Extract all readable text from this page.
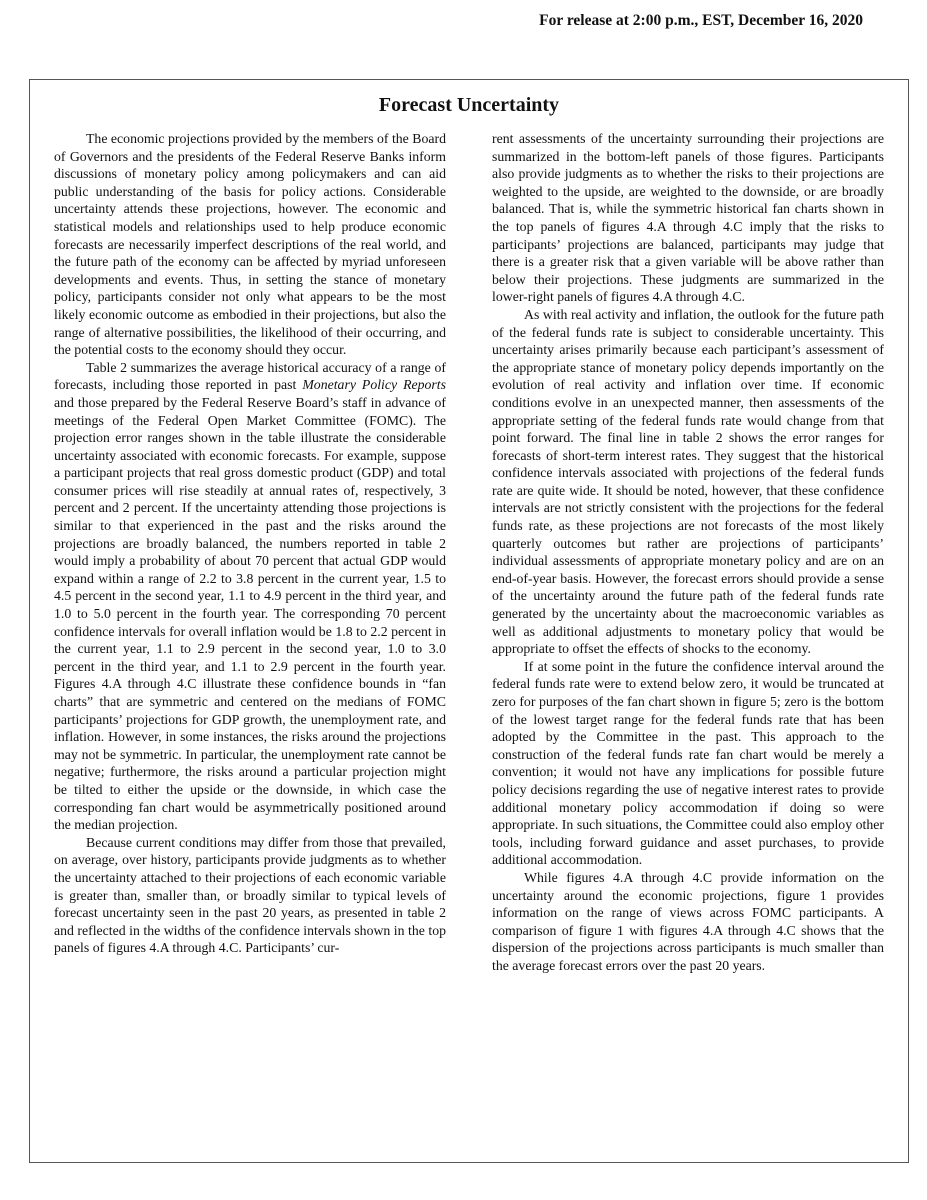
For release at 2:00 p.m., EST, December 16, 2020
Forecast Uncertainty

The economic projections provided by the members of the Board of Governors and the presidents of the Federal Reserve Banks inform discussions of monetary policy among policymakers and can aid public understanding of the basis for policy actions. Considerable uncertainty attends these projections, however. The economic and statistical models and relationships used to help produce economic forecasts are necessarily imperfect descriptions of the real world, and the future path of the economy can be affected by myriad unforeseen developments and events. Thus, in setting the stance of monetary policy, participants consider not only what appears to be the most likely economic outcome as embodied in their projections, but also the range of alternative possibilities, the likelihood of their occurring, and the potential costs to the economy should they occur.

Table 2 summarizes the average historical accuracy of a range of forecasts, including those reported in past Monetary Policy Reports and those prepared by the Federal Reserve Board’s staff in advance of meetings of the Federal Open Market Committee (FOMC). The projection error ranges shown in the table illustrate the considerable uncertainty associated with economic forecasts. For example, suppose a participant projects that real gross domestic product (GDP) and total consumer prices will rise steadily at annual rates of, respectively, 3 percent and 2 percent. If the uncertainty attending those projections is similar to that experienced in the past and the risks around the projections are broadly balanced, the numbers reported in table 2 would imply a probability of about 70 percent that actual GDP would expand within a range of 2.2 to 3.8 percent in the current year, 1.5 to 4.5 percent in the second year, 1.1 to 4.9 percent in the third year, and 1.0 to 5.0 percent in the fourth year. The corresponding 70 percent confidence intervals for overall inflation would be 1.8 to 2.2 percent in the current year, 1.1 to 2.9 percent in the second year, 1.0 to 3.0 percent in the third year, and 1.1 to 2.9 percent in the fourth year. Figures 4.A through 4.C illustrate these confidence bounds in “fan charts” that are symmetric and centered on the medians of FOMC participants’ projections for GDP growth, the unemployment rate, and inflation. However, in some instances, the risks around the projections may not be symmetric. In particular, the unemployment rate cannot be negative; furthermore, the risks around a particular projection might be tilted to either the upside or the downside, in which case the corresponding fan chart would be asymmetrically positioned around the median projection.

Because current conditions may differ from those that prevailed, on average, over history, participants provide judgments as to whether the uncertainty attached to their projections of each economic variable is greater than, smaller than, or broadly similar to typical levels of forecast uncertainty seen in the past 20 years, as presented in table 2 and reflected in the widths of the confidence intervals shown in the top panels of figures 4.A through 4.C. Participants’ cur-

rent assessments of the uncertainty surrounding their projections are summarized in the bottom-left panels of those figures. Participants also provide judgments as to whether the risks to their projections are weighted to the upside, are weighted to the downside, or are broadly balanced. That is, while the symmetric historical fan charts shown in the top panels of figures 4.A through 4.C imply that the risks to participants’ projections are balanced, participants may judge that there is a greater risk that a given variable will be above rather than below their projections. These judgments are summarized in the lower-right panels of figures 4.A through 4.C.

As with real activity and inflation, the outlook for the future path of the federal funds rate is subject to considerable uncertainty. This uncertainty arises primarily because each participant’s assessment of the appropriate stance of monetary policy depends importantly on the evolution of real activity and inflation over time. If economic conditions evolve in an unexpected manner, then assessments of the appropriate setting of the federal funds rate would change from that point forward. The final line in table 2 shows the error ranges for forecasts of short-term interest rates. They suggest that the historical confidence intervals associated with projections of the federal funds rate are quite wide. It should be noted, however, that these confidence intervals are not strictly consistent with the projections for the federal funds rate, as these projections are not forecasts of the most likely quarterly outcomes but rather are projections of participants’ individual assessments of appropriate monetary policy and are on an end-of-year basis. However, the forecast errors should provide a sense of the uncertainty around the future path of the federal funds rate generated by the uncertainty about the macroeconomic variables as well as additional adjustments to monetary policy that would be appropriate to offset the effects of shocks to the economy.

If at some point in the future the confidence interval around the federal funds rate were to extend below zero, it would be truncated at zero for purposes of the fan chart shown in figure 5; zero is the bottom of the lowest target range for the federal funds rate that has been adopted by the Committee in the past. This approach to the construction of the federal funds rate fan chart would be merely a convention; it would not have any implications for possible future policy decisions regarding the use of negative interest rates to provide additional monetary policy accommodation if doing so were appropriate. In such situations, the Committee could also employ other tools, including forward guidance and asset purchases, to provide additional accommodation.

While figures 4.A through 4.C provide information on the uncertainty around the economic projections, figure 1 provides information on the range of views across FOMC participants. A comparison of figure 1 with figures 4.A through 4.C shows that the dispersion of the projections across participants is much smaller than the average forecast errors over the past 20 years.
